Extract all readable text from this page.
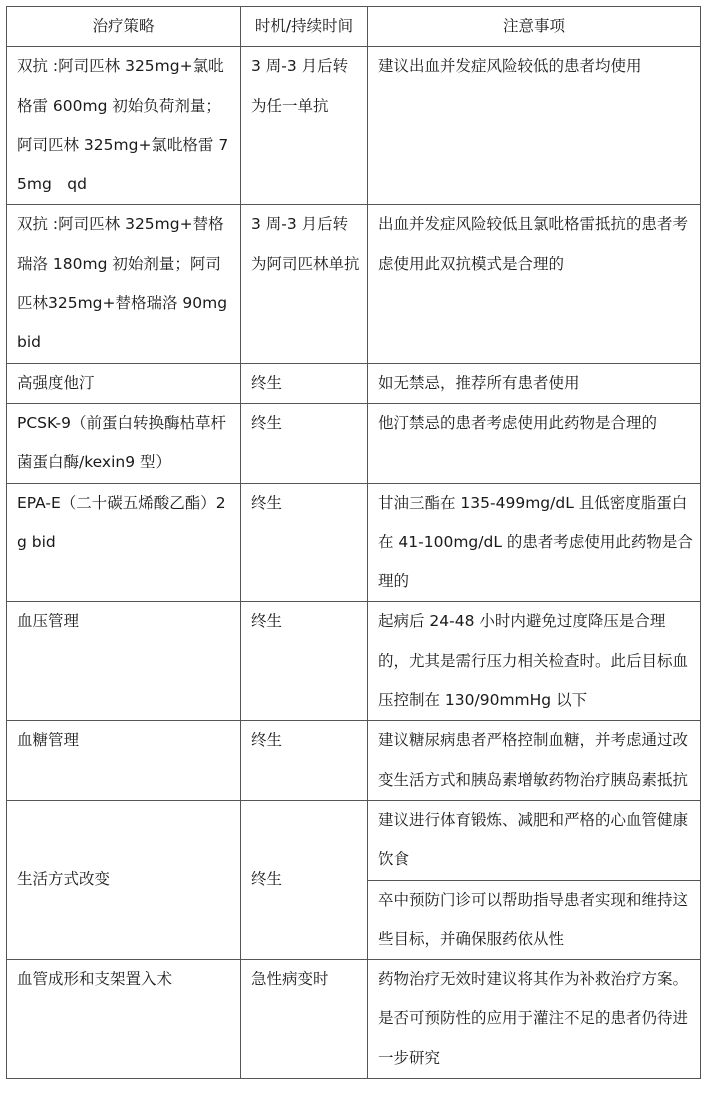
治疗策略	时机/持续时间	注意事项
双抗 :阿司匹林 325mg+氯吡格雷 600mg 初始负荷剂量；阿司匹林 325mg+氯吡格雷 75mg　qd	3 周-3 月后转为任一单抗	建议出血并发症风险较低的患者均使用
双抗 :阿司匹林 325mg+替格瑞洛 180mg 初始剂量；阿司匹林325mg+替格瑞洛 90mg bid	3 周-3 月后转为阿司匹林单抗	出血并发症风险较低且氯吡格雷抵抗的患者考虑使用此双抗模式是合理的
高强度他汀	终生	如无禁忌，推荐所有患者使用
PCSK-9（前蛋白转换酶枯草杆菌蛋白酶/kexin9 型）	终生	他汀禁忌的患者考虑使用此药物是合理的
EPA-E（二十碳五烯酸乙酯）2g bid	终生	甘油三酯在 135-499mg/dL 且低密度脂蛋白在 41-100mg/dL 的患者考虑使用此药物是合理的
血压管理	终生	起病后 24-48 小时内避免过度降压是合理的，尤其是需行压力相关检查时。此后目标血压控制在 130/90mmHg 以下
血糖管理	终生	建议糖尿病患者严格控制血糖，并考虑通过改变生活方式和胰岛素增敏药物治疗胰岛素抵抗
生活方式改变	终生	建议进行体育锻炼、减肥和严格的心血管健康饮食
		卒中预防门诊可以帮助指导患者实现和维持这些目标，并确保服药依从性
血管成形和支架置入术	急性病变时	药物治疗无效时建议将其作为补救治疗方案。是否可预防性的应用于灌注不足的患者仍待进一步研究
